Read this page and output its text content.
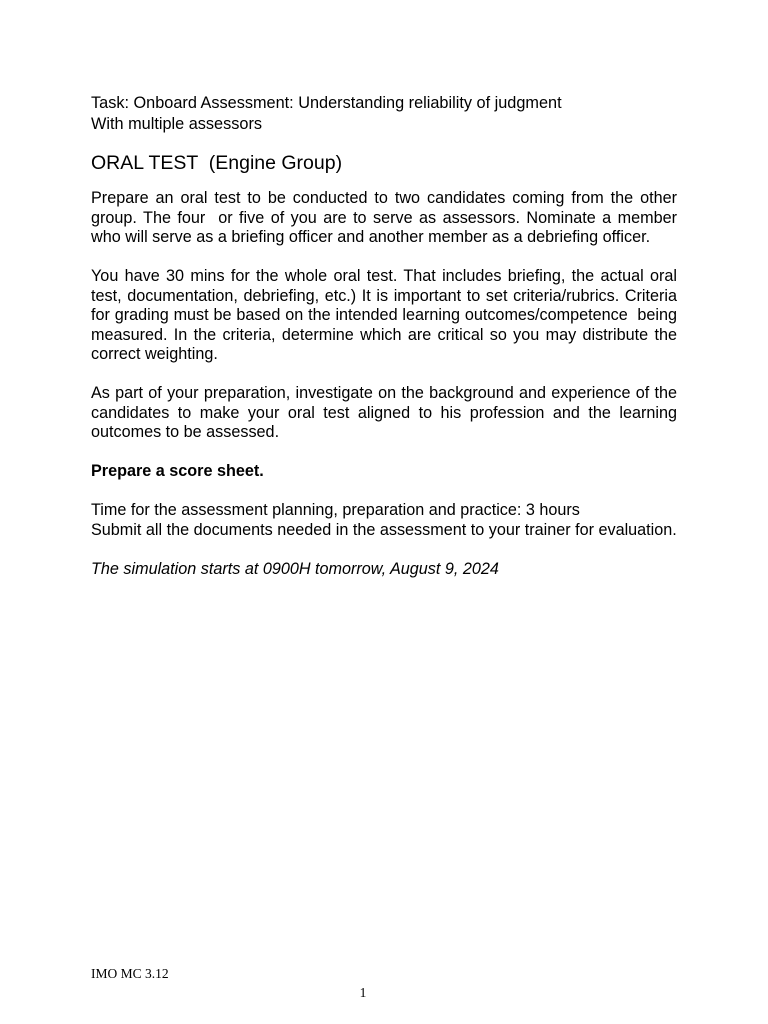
Task: Onboard Assessment: Understanding reliability of judgment

With multiple assessors

ORAL TEST  (Engine Group)

Prepare an oral test to be conducted to two candidates coming from the other group. The four  or five of you are to serve as assessors. Nominate a member who will serve as a briefing officer and another member as a debriefing officer.

You have 30 mins for the whole oral test. That includes briefing, the actual oral test, documentation, debriefing, etc.) It is important to set criteria/rubrics. Criteria for grading must be based on the intended learning outcomes/competence  being measured. In the criteria, determine which are critical so you may distribute the correct weighting.

As part of your preparation, investigate on the background and experience of the candidates to make your oral test aligned to his profession and the learning outcomes to be assessed.

Prepare a score sheet.

Time for the assessment planning, preparation and practice: 3 hours

Submit all the documents needed in the assessment to your trainer for evaluation.

The simulation starts at 0900H tomorrow, August 9, 2024

IMO MC 3.12
1
